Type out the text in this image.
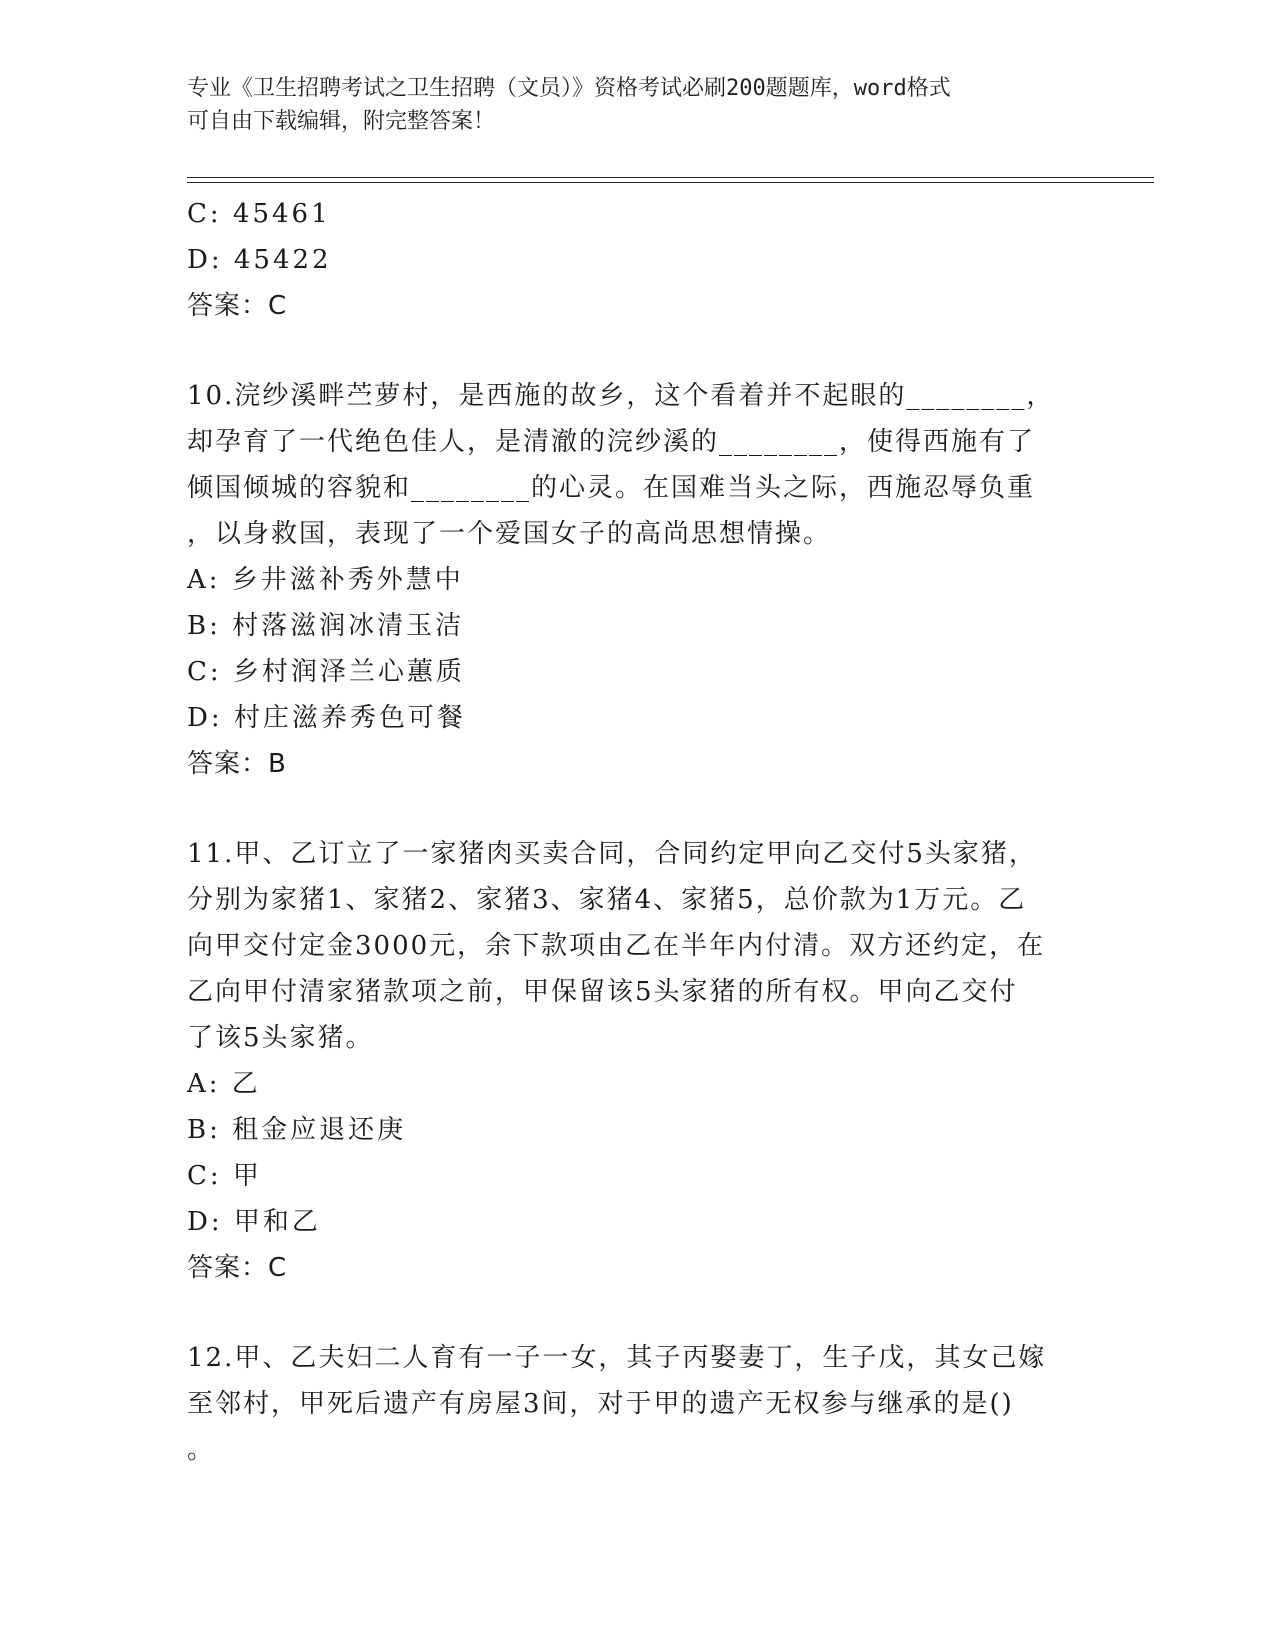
专业《卫生招聘考试之卫生招聘（文员）》资格考试必刷200题题库，word格式
可自由下载编辑，附完整答案！
C: 45461
D: 45422
答案：C
10.浣纱溪畔苎萝村，是西施的故乡，这个看着并不起眼的________，
却孕育了一代绝色佳人，是清澈的浣纱溪的________，使得西施有了
倾国倾城的容貌和________的心灵。在国难当头之际，西施忍辱负重
，以身救国，表现了一个爱国女子的高尚思想情操。
A: 乡井滋补秀外慧中
B: 村落滋润冰清玉洁
C: 乡村润泽兰心蕙质
D: 村庄滋养秀色可餐
答案：B
11.甲、乙订立了一家猪肉买卖合同，合同约定甲向乙交付5头家猪，
分别为家猪1、家猪2、家猪3、家猪4、家猪5，总价款为1万元。乙
向甲交付定金3000元，余下款项由乙在半年内付清。双方还约定，在
乙向甲付清家猪款项之前，甲保留该5头家猪的所有权。甲向乙交付
了该5头家猪。
A: 乙
B: 租金应退还庚
C: 甲
D: 甲和乙
答案：C
12.甲、乙夫妇二人育有一子一女，其子丙娶妻丁，生子戊，其女己嫁
至邻村，甲死后遗产有房屋3间，对于甲的遗产无权参与继承的是()
。
